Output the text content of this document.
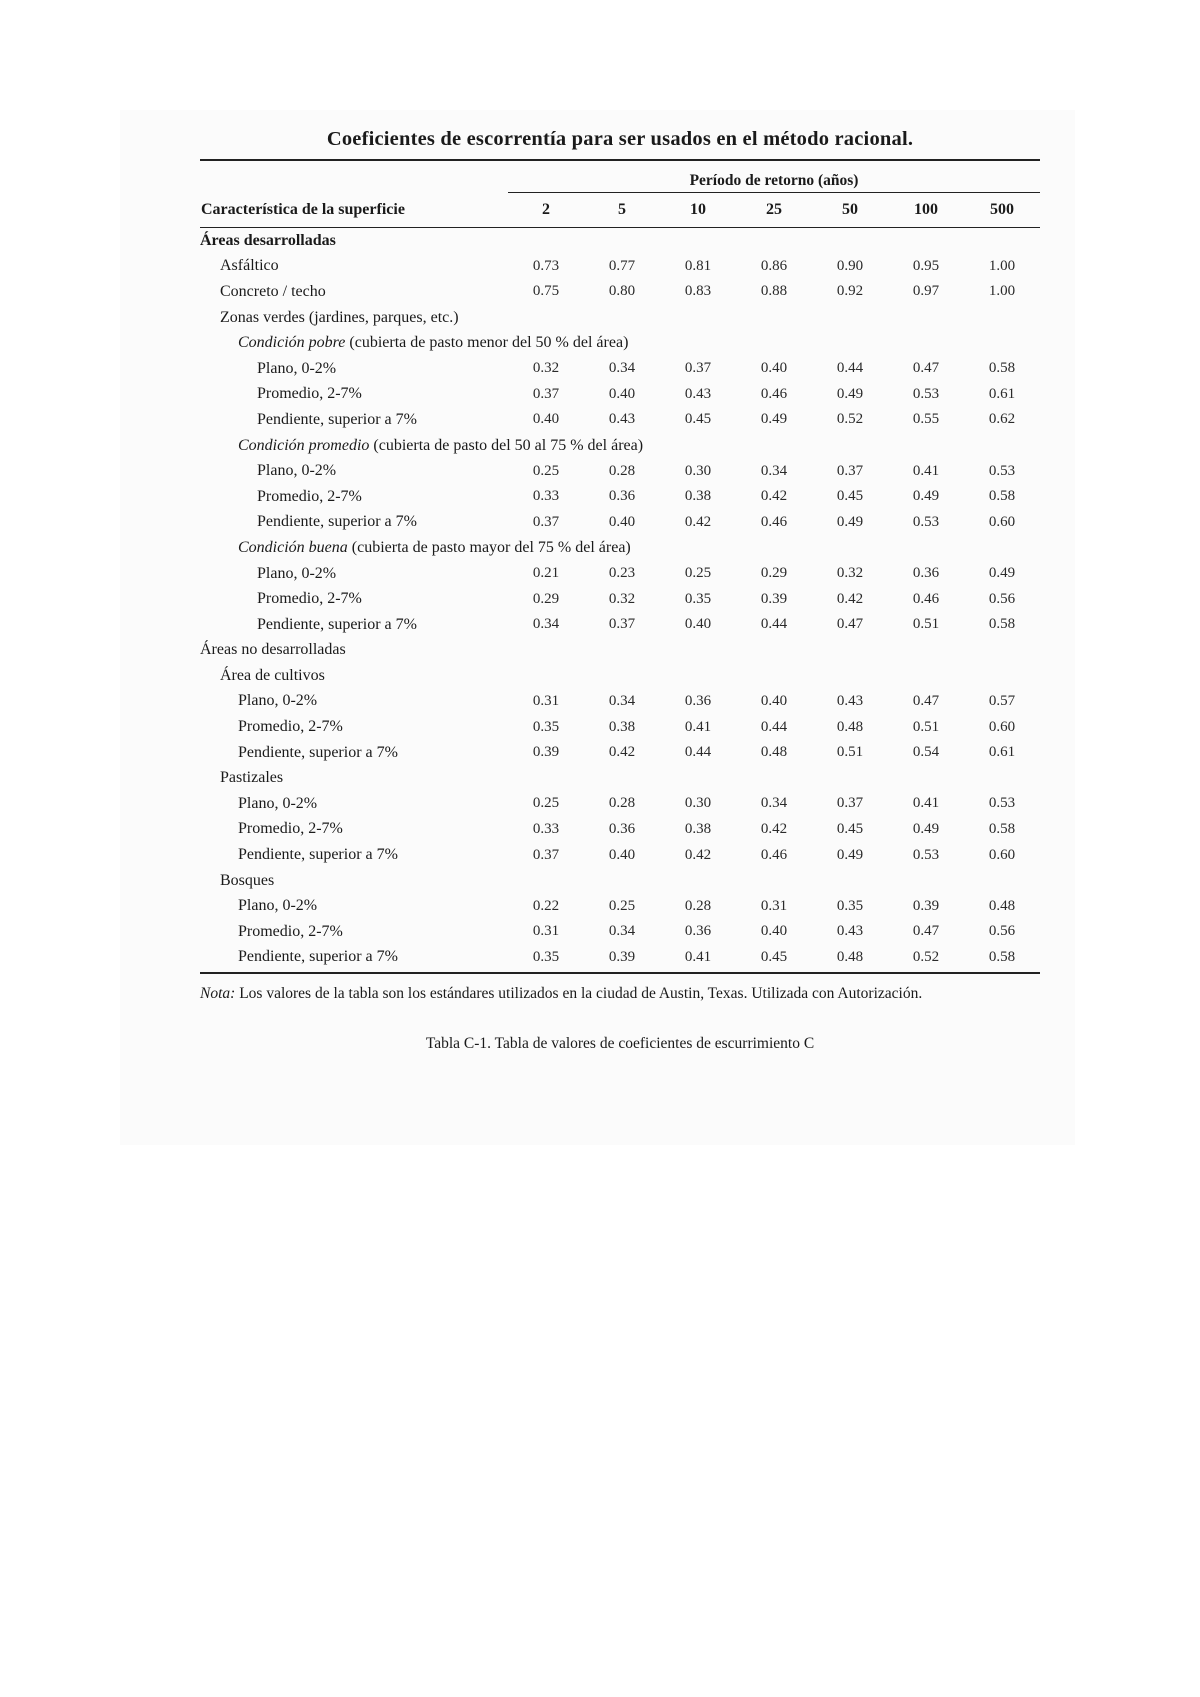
Coeficientes de escorrentía para ser usados en el método racional.
	Período de retorno (años)						
Característica de la superficie	2	5	10	25	50	100	500
Áreas desarrolladas							
Asfáltico	0.73	0.77	0.81	0.86	0.90	0.95	1.00
Concreto / techo	0.75	0.80	0.83	0.88	0.92	0.97	1.00
Zonas verdes (jardines, parques, etc.)							
Condición pobre (cubierta de pasto menor del 50 % del área)							
Plano, 0-2%	0.32	0.34	0.37	0.40	0.44	0.47	0.58
Promedio, 2-7%	0.37	0.40	0.43	0.46	0.49	0.53	0.61
Pendiente, superior a 7%	0.40	0.43	0.45	0.49	0.52	0.55	0.62
Condición promedio (cubierta de pasto del 50 al 75 % del área)							
Plano, 0-2%	0.25	0.28	0.30	0.34	0.37	0.41	0.53
Promedio, 2-7%	0.33	0.36	0.38	0.42	0.45	0.49	0.58
Pendiente, superior a 7%	0.37	0.40	0.42	0.46	0.49	0.53	0.60
Condición buena (cubierta de pasto mayor del 75 % del área)							
Plano, 0-2%	0.21	0.23	0.25	0.29	0.32	0.36	0.49
Promedio, 2-7%	0.29	0.32	0.35	0.39	0.42	0.46	0.56
Pendiente, superior a 7%	0.34	0.37	0.40	0.44	0.47	0.51	0.58
Áreas no desarrolladas							
Área de cultivos							
Plano, 0-2%	0.31	0.34	0.36	0.40	0.43	0.47	0.57
Promedio, 2-7%	0.35	0.38	0.41	0.44	0.48	0.51	0.60
Pendiente, superior a 7%	0.39	0.42	0.44	0.48	0.51	0.54	0.61
Pastizales							
Plano, 0-2%	0.25	0.28	0.30	0.34	0.37	0.41	0.53
Promedio, 2-7%	0.33	0.36	0.38	0.42	0.45	0.49	0.58
Pendiente, superior a 7%	0.37	0.40	0.42	0.46	0.49	0.53	0.60
Bosques							
Plano, 0-2%	0.22	0.25	0.28	0.31	0.35	0.39	0.48
Promedio, 2-7%	0.31	0.34	0.36	0.40	0.43	0.47	0.56
Pendiente, superior a 7%	0.35	0.39	0.41	0.45	0.48	0.52	0.58
Nota: Los valores de la tabla son los estándares utilizados en la ciudad de Austin, Texas. Utilizada con Autorización.
Tabla C-1. Tabla de valores de coeficientes de escurrimiento C
